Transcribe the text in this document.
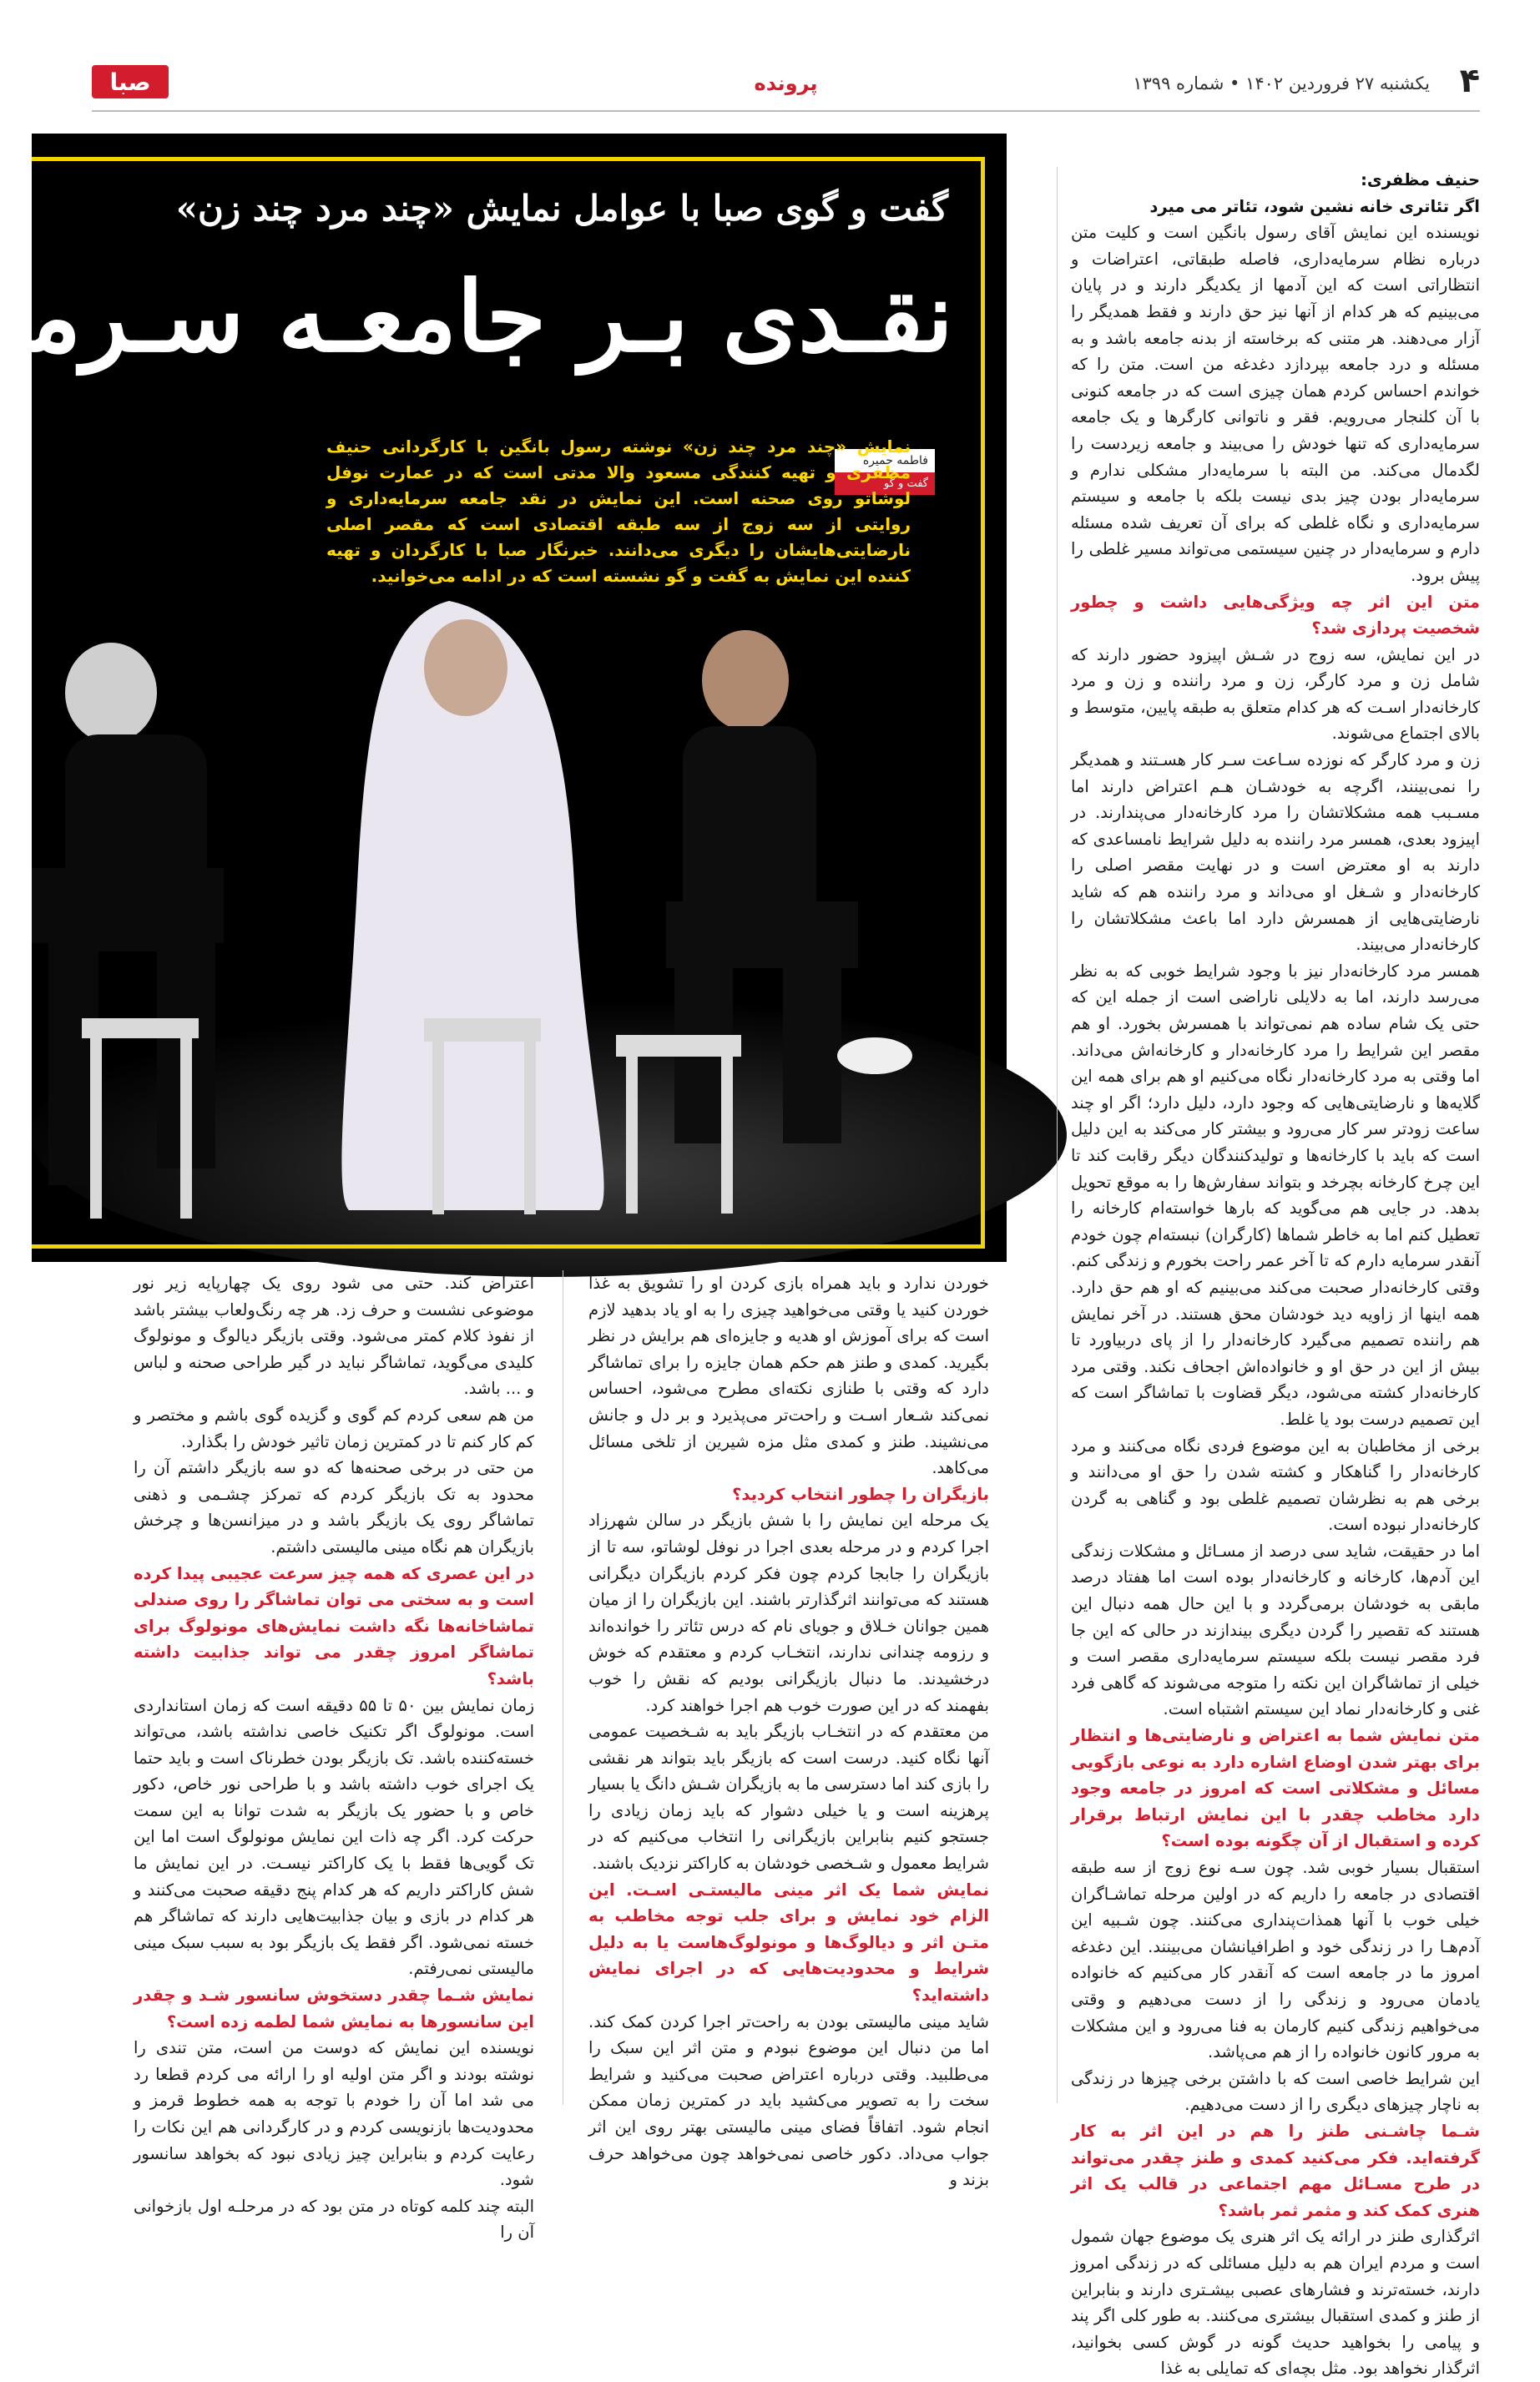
۴
یکشنبه ۲۷ فروردین ۱۴۰۲ • شماره ۱۳۹۹
پرونده
صبا
گفت و گوی صبا با عوامل نمایش «چند مرد چند زن»
نقـدی بـر جامعـه سـرما
فاطمه حمیره
گفت و گو
نمایش «چند مرد چند زن» نوشته رسول بانگین با کارگردانی حنیف مظفری و تهیه کنندگی مسعود والا مدتی است که در عمارت نوفل لوشاتو روی صحنه است. این نمایش در نقد جامعه سرمایه‌داری و روایتی از سه زوج از سه طبقه اقتصادی است که مقصر اصلی نارضایتی‌هایشان را دیگری می‌دانند. خبرنگار صبا با کارگردان و تهیه کننده این نمایش به گفت و گو نشسته است که در ادامه می‌خوانید.

حنیف مظفری:

اگر تئاتری خانه نشین شود، تئاتر می میرد

نویسنده این نمایش آقای رسول بانگین است و کلیت متن درباره نظام سرمایه‌داری، فاصله طبقاتی، اعتراضات و انتظاراتی است که این آدمها از یکدیگر دارند و در پایان می‌بینیم که هر کدام از آنها نیز حق دارند و فقط همدیگر را آزار می‌دهند. هر متنی که برخاسته از بدنه جامعه باشد و به مسئله و درد جامعه بپردازد دغدغه من است. متن را که خواندم احساس کردم همان چیزی است که در جامعه کنونی با آن کلنجار می‌رویم. فقر و ناتوانی کارگرها و یک جامعه سرمایه‌داری که تنها خودش را می‌بیند و جامعه زیردست را لگدمال می‌کند. من البته با سرمایه‌دار مشکلی ندارم و سرمایه‌دار بودن چیز بدی نیست بلکه با جامعه و سیستم سرمایه‌داری و نگاه غلطی که برای آن تعریف شده مسئله دارم و سرمایه‌دار در چنین سیستمی می‌تواند مسیر غلطی را پیش برود.

متن این اثر چه ویژگی‌هایی داشت و چطور شخصیت پردازی شد؟

در این نمایش، سه زوج در شـش اپیزود حضور دارند که شامل زن و مرد کارگر، زن و مرد راننده و زن و مرد کارخانه‌دار اسـت که هر کدام متعلق به طبقه پایین، متوسط و بالای اجتماع می‌شوند.

زن و مرد کارگر که نوزده سـاعت سـر کار هسـتند و همدیگر را نمی‌بینند، اگرچه به خودشـان هـم اعتراض دارند اما مسـبب همه مشکلاتشان را مرد کارخانه‌دار می‌پندارند. در اپیزود بعدی، همسر مرد راننده به دلیل شرایط نامساعدی که دارند به او معترض است و در نهایت مقصر اصلی را کارخانه‌دار و شـغل او می‌داند و مرد راننده هم که شاید نارضایتی‌هایی از همسرش دارد اما باعث مشکلاتشان را کارخانه‌دار می‌بیند.

همسر مرد کارخانه‌دار نیز با وجود شرایط خوبی که به نظر می‌رسد دارند، اما به دلایلی ناراضی است از جمله این که حتی یک شام ساده هم نمی‌تواند با همسرش بخورد. او هم مقصر این شرایط را مرد کارخانه‌دار و کارخانه‌اش می‌داند. اما وقتی به مرد کارخانه‌دار نگاه می‌کنیم او هم برای همه این گلایه‌ها و نارضایتی‌هایی که وجود دارد، دلیل دارد؛ اگر او چند ساعت زودتر سر کار می‌رود و بیشتر کار می‌کند به این دلیل است که باید با کارخانه‌ها و تولیدکنندگان دیگر رقابت کند تا این چرخ کارخانه بچرخد و بتواند سفارش‌ها را به موقع تحویل بدهد. در جایی هم می‌گوید که بارها خواسته‌ام کارخانه را تعطیل کنم اما به خاطر شماها (کارگران) نبسته‌ام چون خودم آنقدر سرمایه دارم که تا آخر عمر راحت بخورم و زندگی کنم. وقتی کارخانه‌دار صحبت می‌کند می‌بینیم که او هم حق دارد. همه اینها از زاویه دید خودشان محق هستند. در آخر نمایش هم راننده تصمیم می‌گیرد کارخانه‌دار را از پای دربیاورد تا بیش از این در حق او و خانواده‌اش اجحاف نکند. وقتی مرد کارخانه‌دار کشته می‌شود، دیگر قضاوت با تماشاگر است که این تصمیم درست بود یا غلط.

برخی از مخاطبان به این موضوع فردی نگاه می‌کنند و مرد کارخانه‌دار را گناهکار و کشته شدن را حق او می‌دانند و برخی هم به نظرشان تصمیم غلطی بود و گناهی به گردن کارخانه‌دار نبوده است.

اما در حقیقت، شاید سی درصد از مسـائل و مشکلات زندگی این آدم‌ها، کارخانه و کارخانه‌دار بوده است اما هفتاد درصد مابقی به خودشان برمی‌گردد و با این حال همه دنبال این هستند که تقصیر را گردن دیگری بیندازند در حالی که این جا فرد مقصر نیست بلکه سیستم سرمایه‌داری مقصر است و خیلی از تماشاگران این نکته را متوجه می‌شوند که گاهی فرد غنی و کارخانه‌دار نماد این سیستم اشتباه است.

متن نمایش شما به اعتراض و نارضایتی‌ها و انتظار برای بهتر شدن اوضاع اشاره دارد به نوعی بازگویی مسائل و مشکلاتی است که امروز در جامعه وجود دارد مخاطب چقدر با این نمایش ارتباط برقرار کرده و استقبال از آن چگونه بوده است؟

استقبال بسیار خوبی شد. چون سـه نوع زوج از سه طبقه اقتصادی در جامعه را داریم که در اولین مرحله تماشـاگران خیلی خوب با آنها همذات‌پنداری می‌کنند. چون شـبیه این آدم‌هـا را در زندگی خود و اطرافیانشان می‌بینند. این دغدغه امروز ما در جامعه است که آنقدر کار می‌کنیم که خانواده یادمان می‌رود و زندگی را از دست می‌دهیم و وقتی می‌خواهیم زندگی کنیم کارمان به فنا می‌رود و این مشکلات به مرور کانون خانواده را از هم می‌پاشد.

این شرایط خاصی است که با داشتن برخی چیزها در زندگی به ناچار چیزهای دیگری را از دست می‌دهیم.

شـما چاشـنی طنز را هم در این اثر به کار گرفته‌اید. فکر می‌کنید کمدی و طنز چقدر می‌تواند در طرح مسـائل مهم اجتماعی در قالب یک اثر هنری کمک کند و مثمر ثمر باشد؟

اثرگذاری طنز در ارائه یک اثر هنری یک موضوع جهان شمول است و مردم ایران هم به دلیل مسائلی که در زندگی امروز دارند، خسته‌ترند و فشارهای عصبی بیشـتری دارند و بنابراین از طنز و کمدی استقبال بیشتری می‌کنند. به طور کلی اگر پند و پیامی را بخواهید حدیث گونه در گوش کسی بخوانید، اثرگذار نخواهد بود. مثل بچه‌ای که تمایلی به غذا

خوردن ندارد و باید همراه بازی کردن او را تشویق به غذا خوردن کنید یا وقتی می‌خواهید چیزی را به او یاد بدهید لازم است که برای آموزش او هدیه و جایزه‌ای هم برایش در نظر بگیرید. کمدی و طنز هم حکم همان جایزه را برای تماشاگر دارد که وقتی با طنازی نکته‌ای مطرح می‌شود، احساس نمی‌کند شـعار اسـت و راحت‌تر می‌پذیرد و بر دل و جانش می‌نشیند. طنز و کمدی مثل مزه شیرین از تلخی مسائل می‌کاهد.

بازیگران را چطور انتخاب کردید؟

یک مرحله این نمایش را با شش بازیگر در سالن شهرزاد اجرا کردم و در مرحله بعدی اجرا در نوفل لوشاتو، سه تا از بازیگران را جابجا کردم چون فکر کردم بازیگران دیگرانی هستند که می‌توانند اثرگذارتر باشند. این بازیگران را از میان همین جوانان خـلاق و جویای نام که درس تئاتر را خوانده‌اند و رزومه چندانی ندارند، انتخـاب کردم و معتقدم که خوش درخشیدند. ما دنبال بازیگرانی بودیم که نقش را خوب بفهمند که در این صورت خوب هم اجرا خواهند کرد.

من معتقدم که در انتخـاب بازیگر باید به شـخصیت عمومی آنها نگاه کنید. درست است که بازیگر باید بتواند هر نقشی را بازی کند اما دسترسی ما به بازیگران شـش دانگ یا بسیار پرهزینه است و یا خیلی دشوار که باید زمان زیادی را جستجو کنیم بنابراین بازیگرانی را انتخاب می‌کنیم که در شرایط معمول و شـخصی خودشان به کاراکتر نزدیک باشند.

نمایش شما یک اثر مینی مالیستـی اسـت. این الزام خود نمایش و برای جلب توجه مخاطب به متـن اثر و دیالوگ‌ها و مونولوگ‌هاست یا به دلیل شرایط و محدودیت‌هایی که در اجرای نمایش داشته‌اید؟

شاید مینی مالیستی بودن به راحت‌تر اجرا کردن کمک کند. اما من دنبال این موضوع نبودم و متن اثر این سبک را می‌طلبید. وقتی درباره اعتراض صحبت می‌کنید و شرایط سخت را به تصویر می‌کشید باید در کمترین زمان ممکن انجام شود. اتفاقاً فضای مینی مالیستی بهتر روی این اثر جواب می‌داد. دکور خاصی نمی‌خواهد چون می‌خواهد حرف بزند و

اعتراض کند. حتی می شود روی یک چهارپایه زیر نور موضوعی نشست و حرف زد. هر چه رنگ‌ولعاب بیشتر باشد از نفوذ کلام کمتر می‌شود. وقتی بازیگر دیالوگ و مونولوگ کلیدی می‌گوید، تماشاگر نباید در گیر طراحی صحنه و لباس و ... باشد.

من هم سعی کردم کم گوی و گزیده گوی باشم و مختصر و کم کار کنم تا در کمترین زمان تاثیر خودش را بگذارد.

من حتی در برخی صحنه‌ها که دو سه بازیگر داشتم آن را محدود به تک بازیگر کردم که تمرکز چشـمی و ذهنی تماشاگر روی یک بازیگر باشد و در میزانسن‌ها و چرخش بازیگران هم نگاه مینی مالیستی داشتم.

در این عصری که همه چیز سرعت عجیبی پیدا کرده است و به سختی می توان تماشاگر را روی صندلی تماشاخانه‌ها نگه داشت نمایش‌های مونولوگ برای تماشاگر امروز چقدر می تواند جذابیت داشته باشد؟

زمان نمایش بین ۵۰ تا ۵۵ دقیقه است که زمان استانداردی است. مونولوگ اگر تکنیک خاصی نداشته باشد، می‌تواند خسته‌کننده باشد. تک بازیگر بودن خطرناک است و باید حتما یک اجرای خوب داشته باشد و با طراحی نور خاص، دکور خاص و با حضور یک بازیگر به شدت توانا به این سمت حرکت کرد. اگر چه ذات این نمایش مونولوگ است اما این تک گویی‌ها فقط با یک کاراکتر نیسـت. در این نمایش ما شش کاراکتر داریم که هر کدام پنج دقیقه صحبت می‌کنند و هر کدام در بازی و بیان جذابیت‌هایی دارند که تماشاگر هم خسته نمی‌شود. اگر فقط یک بازیگر بود به سبب سبک مینی مالیستی نمی‌رفتم.

نمایش شـما چقدر دستخوش سانسور شـد و چقدر این سانسورها به نمایش شما لطمه زده است؟

نویسنده این نمایش که دوست من است، متن تندی را نوشته بودند و اگر متن اولیه او را ارائه می کردم قطعا رد می شد اما آن را خودم با توجه به همه خطوط قرمز و محدودیت‌ها بازنویسی کردم و در کارگردانی هم این نکات را رعایت کردم و بنابراین چیز زیادی نبود که بخواهد سانسور شود.

البته چند کلمه کوتاه در متن بود که در مرحلـه اول بازخوانی آن را
